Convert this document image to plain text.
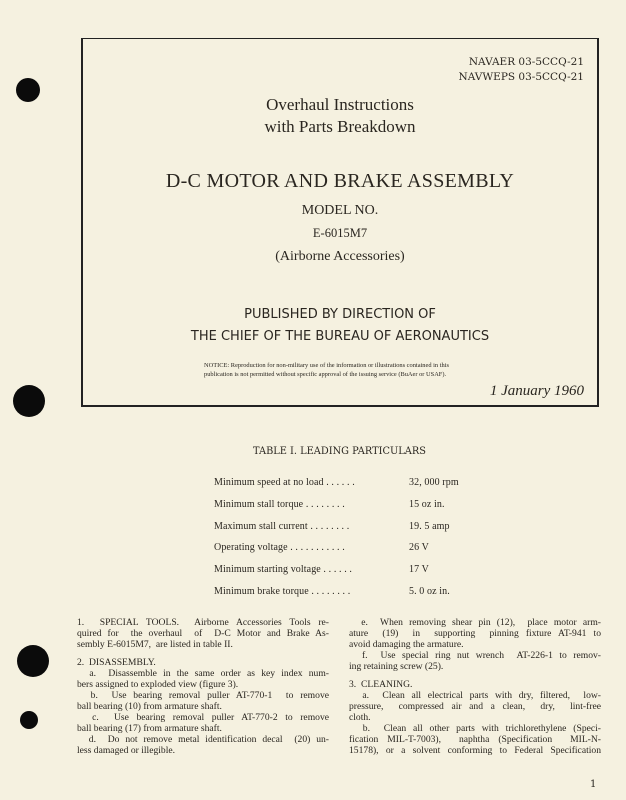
NAVAER 03-5CCQ-21
NAVWEPS 03-5CCQ-21
Overhaul Instructions
with Parts Breakdown
D-C MOTOR AND BRAKE ASSEMBLY
MODEL NO.
E-6015M7
(Airborne Accessories)
PUBLISHED BY DIRECTION OF
THE CHIEF OF THE BUREAU OF AERONAUTICS
NOTICE: Reproduction for non-military use of the information or illustrations contained in this
publication is not permitted without specific approval of the issuing service (BuAer or USAF).
1 January 1960
TABLE I. LEADING PARTICULARS
Minimum speed at no load . . . . . .	32, 000 rpm
Minimum stall torque . . . . . . . .	15 oz in.
Maximum stall current . . . . . . . .	19. 5 amp
Operating voltage . . . . . . . . . . .	26 V
Minimum starting voltage . . . . . .	17 V
Minimum brake torque . . . . . . . .	5. 0 oz in.
1.  SPECIAL TOOLS.  Airborne Accessories Tools re-
quired for  the overhaul  of  D-C Motor and Brake As-
sembly E-6015M7,  are listed in table II.
2.  DISASSEMBLY.
a.  Disassemble in the same order as key index num-
bers assigned to exploded view (figure 3).
b.  Use bearing removal puller AT-770-1  to remove
ball bearing (10) from armature shaft.
c.  Use bearing removal puller AT-770-2 to remove
ball bearing (17) from armature shaft.
d.  Do not remove metal identification decal  (20) un-
less damaged or illegible.
e.  When removing shear pin (12),  place motor arm-
ature  (19)  in  supporting  pinning fixture AT-941 to
avoid damaging the armature.
f.  Use special ring nut wrench  AT-226-1 to remov-
ing retaining screw (25).
3.  CLEANING.
a.  Clean all electrical parts with dry, filtered,  low-
pressure,  compressed air and a clean,  dry,  lint-free
cloth.
b.  Clean all other parts with trichlorethylene (Speci-
fication MIL-T-7003),  naphtha (Specification  MIL-N-
15178), or a solvent conforming to Federal Specification
1
